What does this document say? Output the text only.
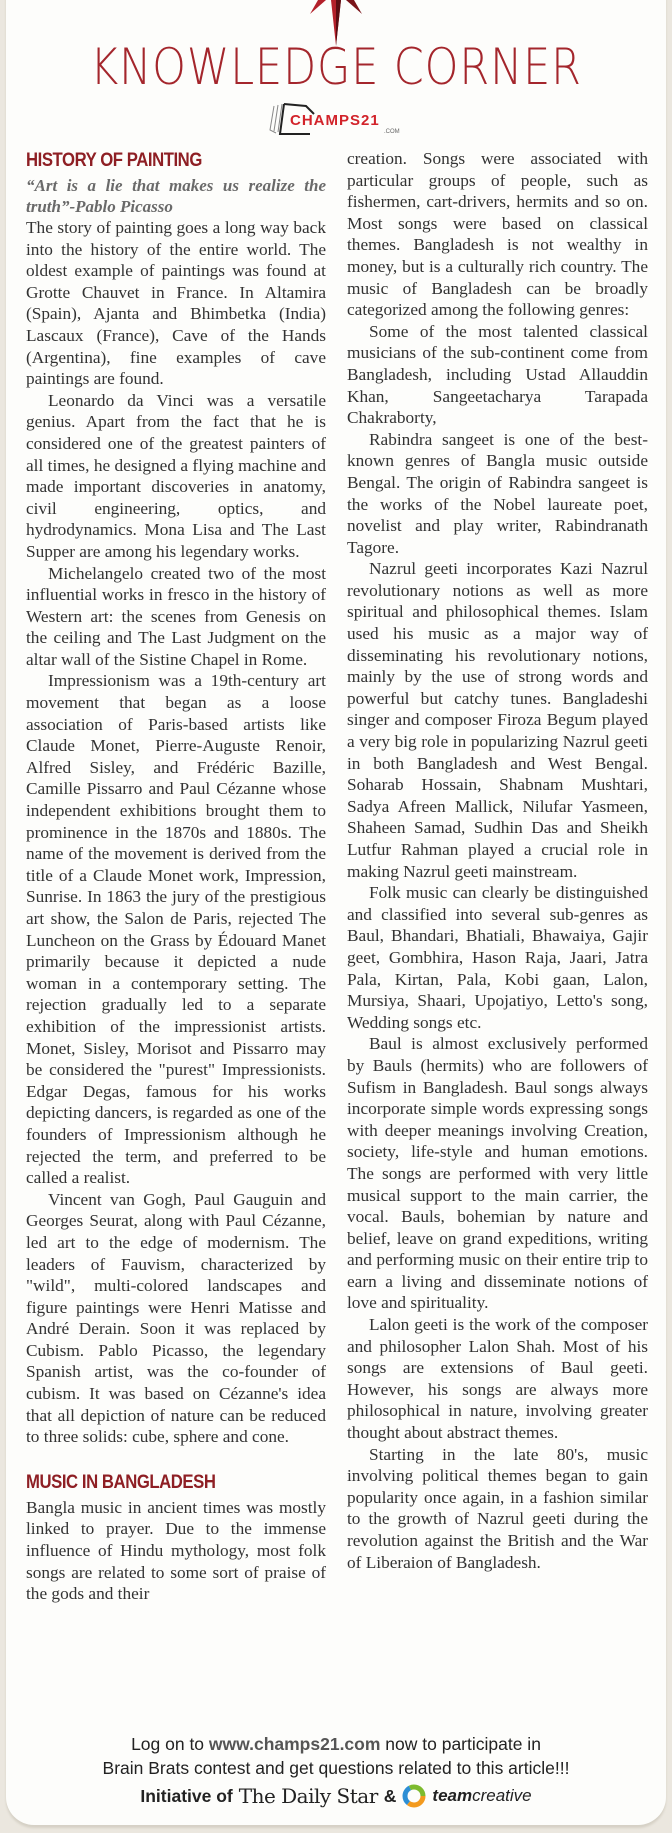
KNOWLEDGE CORNER
CHAMPS21
.COM
HISTORY OF PAINTING

“Art is a lie that makes us realize the truth”-Pablo Picasso

The story of painting goes a long way back into the history of the entire world. The oldest example of paintings was found at Grotte Chauvet in France. In Altamira (Spain), Ajanta and Bhimbetka (India) Lascaux (France), Cave of the Hands (Argentina), fine examples of cave paintings are found.

Leonardo da Vinci was a versatile genius. Apart from the fact that he is considered one of the greatest painters of all times, he designed a flying machine and made important discoveries in anatomy, civil engineering, optics, and hydrodynamics. Mona Lisa and The Last Supper are among his legendary works.

Michelangelo created two of the most influential works in fresco in the history of Western art: the scenes from Genesis on the ceiling and The Last Judgment on the altar wall of the Sistine Chapel in Rome.

Impressionism was a 19th-century art movement that began as a loose association of Paris-based artists like Claude Monet, Pierre-Auguste Renoir, Alfred Sisley, and Frédéric Bazille, Camille Pissarro and Paul Cézanne whose independent exhibitions brought them to prominence in the 1870s and 1880s. The name of the movement is derived from the title of a Claude Monet work, Impression, Sunrise. In 1863 the jury of the prestigious art show, the Salon de Paris, rejected The Luncheon on the Grass by Édouard Manet primarily because it depicted a nude woman in a contemporary setting. The rejection gradually led to a separate exhibition of the impressionist artists. Monet, Sisley, Morisot and Pissarro may be considered the "purest" Impressionists. Edgar Degas, famous for his works depicting dancers, is regarded as one of the founders of Impressionism although he rejected the term, and preferred to be called a realist.

Vincent van Gogh, Paul Gauguin and Georges Seurat, along with Paul Cézanne, led art to the edge of modernism. The leaders of Fauvism, characterized by "wild", multi-colored landscapes and figure paintings were Henri Matisse and André Derain. Soon it was replaced by Cubism. Pablo Picasso, the legendary Spanish artist, was the co-founder of cubism. It was based on Cézanne's idea that all depiction of nature can be reduced to three solids: cube, sphere and cone.

MUSIC IN BANGLADESH

Bangla music in ancient times was mostly linked to prayer. Due to the immense influence of Hindu mythology, most folk songs are related to some sort of praise of the gods and their

creation. Songs were associated with particular groups of people, such as fishermen, cart-drivers, hermits and so on. Most songs were based on classical themes. Bangladesh is not wealthy in money, but is a culturally rich country. The music of Bangladesh can be broadly categorized among the following genres:

Some of the most talented classical musicians of the sub-continent come from Bangladesh, including Ustad Allauddin Khan, Sangeetacharya Tarapada Chakraborty,

Rabindra sangeet is one of the best-known genres of Bangla music outside Bengal. The origin of Rabindra sangeet is the works of the Nobel laureate poet, novelist and play writer, Rabindranath Tagore.

Nazrul geeti incorporates Kazi Nazrul revolutionary notions as well as more spiritual and philosophical themes. Islam used his music as a major way of disseminating his revolutionary notions, mainly by the use of strong words and powerful but catchy tunes. Bangladeshi singer and composer Firoza Begum played a very big role in popularizing Nazrul geeti in both Bangladesh and West Bengal. Soharab Hossain, Shabnam Mushtari, Sadya Afreen Mallick, Nilufar Yasmeen, Shaheen Samad, Sudhin Das and Sheikh Lutfur Rahman played a crucial role in making Nazrul geeti mainstream.

Folk music can clearly be distinguished and classified into several sub-genres as Baul, Bhandari, Bhatiali, Bhawaiya, Gajir geet, Gombhira, Hason Raja, Jaari, Jatra Pala, Kirtan, Pala, Kobi gaan, Lalon, Mursiya, Shaari, Upojatiyo, Letto's song, Wedding songs etc.

Baul is almost exclusively performed by Bauls (hermits) who are followers of Sufism in Bangladesh. Baul songs always incorporate simple words expressing songs with deeper meanings involving Creation, society, life-style and human emotions. The songs are performed with very little musical support to the main carrier, the vocal. Bauls, bohemian by nature and belief, leave on grand expeditions, writing and performing music on their entire trip to earn a living and disseminate notions of love and spirituality.

Lalon geeti is the work of the composer and philosopher Lalon Shah. Most of his songs are extensions of Baul geeti. However, his songs are always more philosophical in nature, involving greater thought about abstract themes.

Starting in the late 80's, music involving political themes began to gain popularity once again, in a fashion similar to the growth of Nazrul geeti during the revolution against the British and the War of Liberaion of Bangladesh.

Log on to www.champs21.com now to participate in
Brain Brats contest and get questions related to this article!!!
Initiative of The Daily Star & teamcreative
